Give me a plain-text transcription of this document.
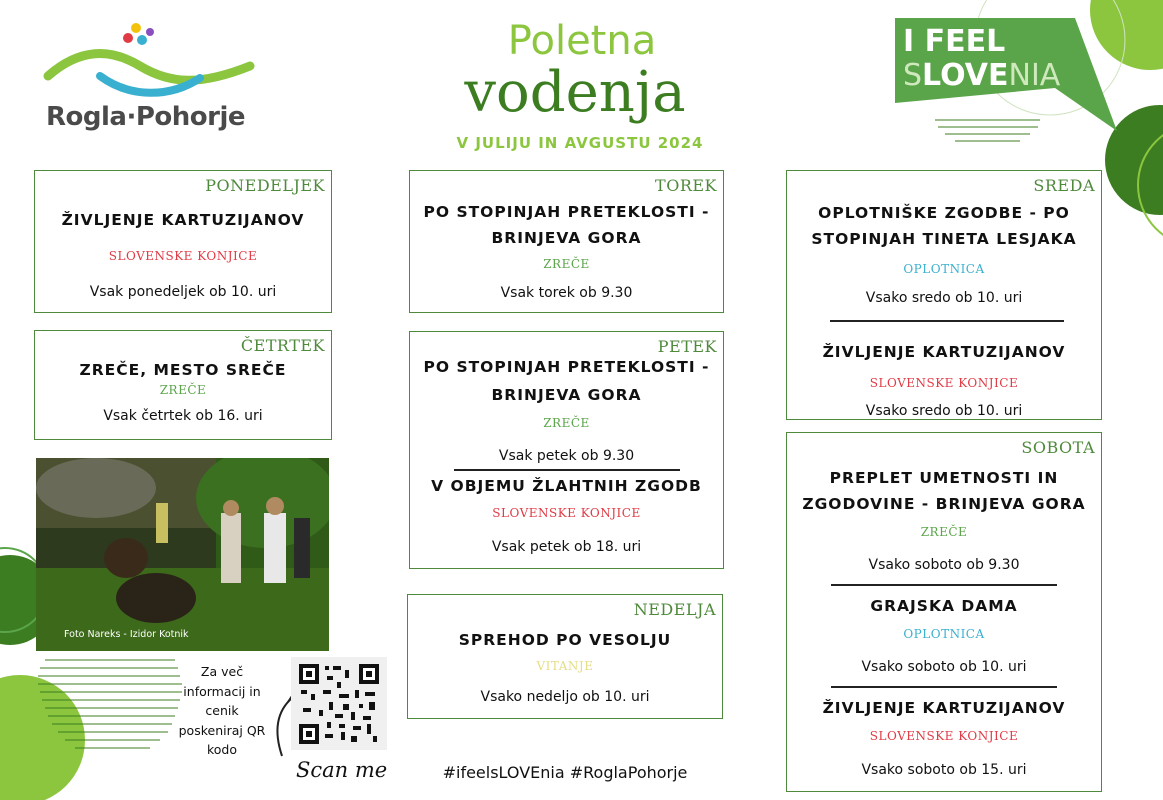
Rogla·Pohorje
Poletna
vodenja
V JULIJU IN AVGUSTU 2024
I FEEL
SLOVENIA
PONEDELJEK
ŽIVLJENJE KARTUZIJANOV
SLOVENSKE KONJICE
Vsak ponedeljek ob 10. uri
ČETRTEK
ZREČE, MESTO SREČE
ZREČE
Vsak četrtek ob 16. uri
Foto Nareks - Izidor Kotnik
Za več
informacij in
cenik
poskeniraj QR
kodo
Scan me
TOREK
PO STOPINJAH PRETEKLOSTI -
BRINJEVA GORA
ZREČE
Vsak torek ob 9.30
PETEK
PO STOPINJAH PRETEKLOSTI -
BRINJEVA GORA
ZREČE
Vsak petek ob 9.30
V OBJEMU ŽLAHTNIH ZGODB
SLOVENSKE KONJICE
Vsak petek ob 18. uri
NEDELJA
SPREHOD PO VESOLJU
VITANJE
Vsako nedeljo ob 10. uri
#ifeelsLOVEnia #RoglaPohorje
SREDA
OPLOTNIŠKE ZGODBE - PO
STOPINJAH TINETA LESJAKA
OPLOTNICA
Vsako sredo ob 10. uri
ŽIVLJENJE KARTUZIJANOV
SLOVENSKE KONJICE
Vsako sredo ob 10. uri
SOBOTA
PREPLET UMETNOSTI IN
ZGODOVINE - BRINJEVA GORA
ZREČE
Vsako soboto ob 9.30
GRAJSKA DAMA
OPLOTNICA
Vsako soboto ob 10. uri
ŽIVLJENJE KARTUZIJANOV
SLOVENSKE KONJICE
Vsako soboto ob 15. uri
